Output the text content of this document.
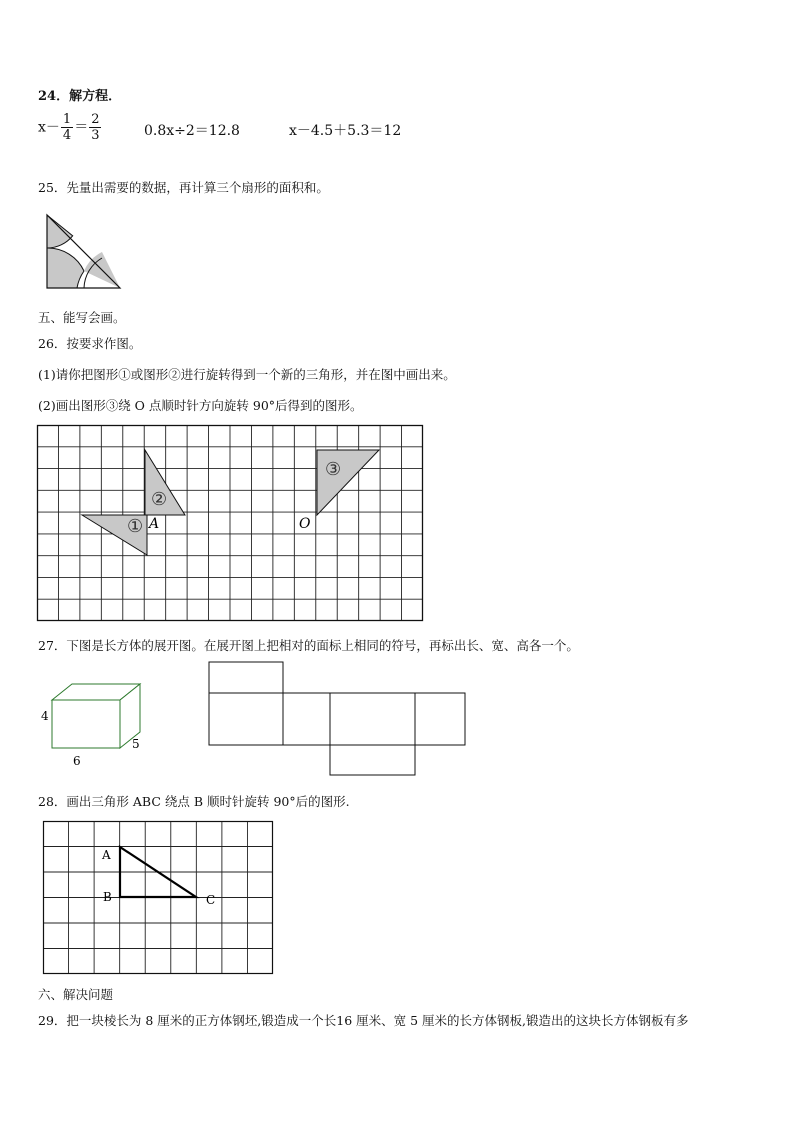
24．解方程．
$x- \frac{1}{4} = \frac{2}{3}$	0.8x÷2＝12.8	x－4.5＋5.3＝12
25．先量出需要的数据，再计算三个扇形的面积和。
五、能写会画。
26．按要求作图。
(1)请你把图形①或图形②进行旋转得到一个新的三角形，并在图中画出来。
(2)画出图形③绕 O 点顺时针方向旋转 90°后得到的图形。
①
②
③
A	O
27．下图是长方体的展开图。在展开图上把相对的面标上相同的符号，再标出长、宽、高各一个。
4
5
6
28．画出三角形 ABC 绕点 B 顺时针旋转 90°后的图形.
A
B	C
六、解决问题
29．把一块棱长为 8 厘米的正方体钢坯,锻造成一个长16 厘米、宽 5 厘米的长方体钢板,锻造出的这块长方体钢板有多
